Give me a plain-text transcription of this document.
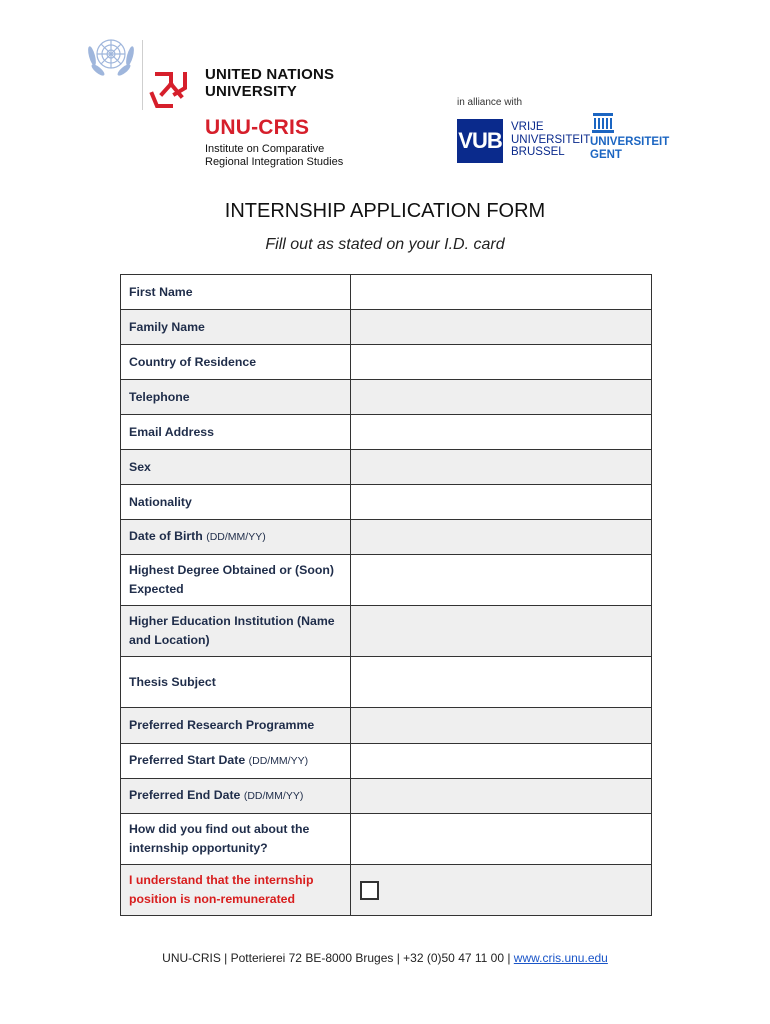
UNITED NATIONS
UNIVERSITY
UNU-CRIS
Institute on Comparative
Regional Integration Studies
in alliance with
VUB
VRIJE
UNIVERSITEIT
BRUSSEL
UNIVERSITEIT
GENT
INTERNSHIP APPLICATION FORM
Fill out as stated on your I.D. card
First Name	
Family Name	
Country of Residence	
Telephone	
Email Address	
Sex	
Nationality	
Date of Birth (DD/MM/YY)	
Highest Degree Obtained or (Soon) Expected	
Higher Education Institution (Name and Location)	
Thesis Subject	
Preferred Research Programme	
Preferred Start Date (DD/MM/YY)	
Preferred End Date (DD/MM/YY)	
How did you find out about the internship opportunity?	
I understand that the internship position is non-remunerated	
UNU-CRIS | Potterierei 72 BE-8000 Bruges | +32 (0)50 47 11 00 | www.cris.unu.edu
